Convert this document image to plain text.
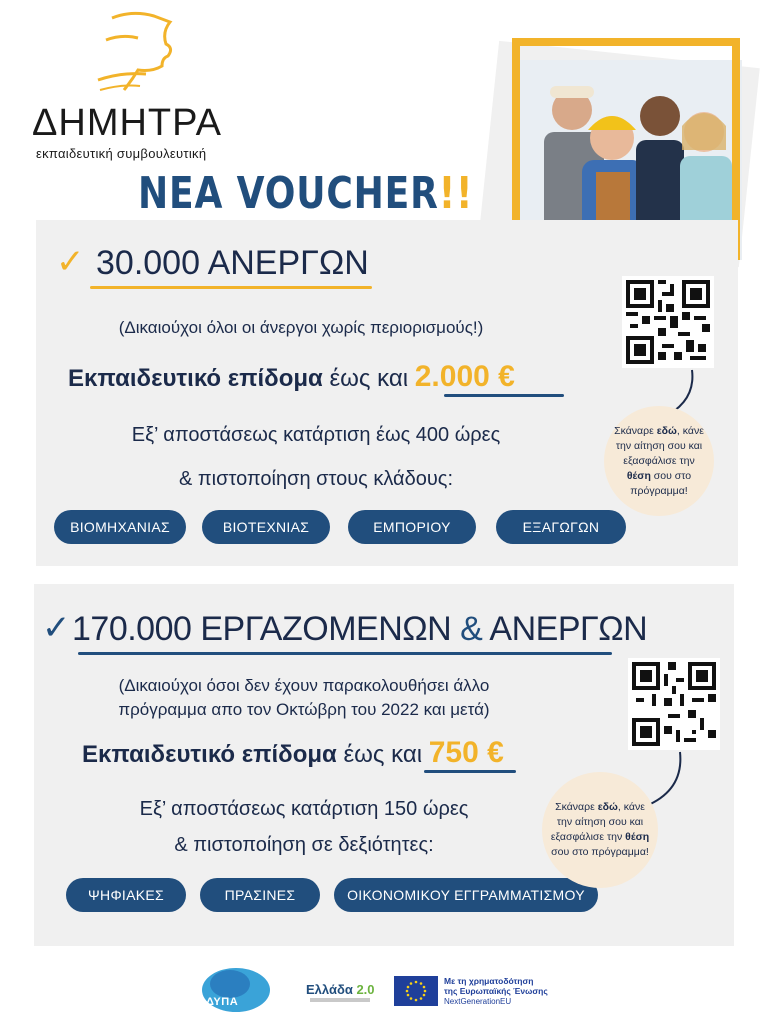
ΔΗΜΗΤΡΑ
εκπαιδευτική συμβουλευτική
NEA VOUCHER!!
✓ 30.000 ΑΝΕΡΓΩΝ
(Δικαιούχοι όλοι οι άνεργοι χωρίς περιορισμούς!)
Εκπαιδευτικό επίδομα έως και 2.000 €
Εξ’ αποστάσεως κατάρτιση έως 400 ώρες
& πιστοποίηση στους κλάδους:
ΒΙΟΜΗΧΑΝΙΑΣ	ΒΙΟΤΕΧΝΙΑΣ	ΕΜΠΟΡΙΟΥ	ΕΞΑΓΩΓΩΝ
Σκάναρε εδώ, κάνε την αίτηση σου και εξασφάλισε την θέση σου στο πρόγραμμα!
✓ 170.000 ΕΡΓΑΖΟΜΕΝΩΝ & ΑΝΕΡΓΩΝ
(Δικαιούχοι όσοι δεν έχουν παρακολουθήσει άλλο πρόγραμμα απο τον Οκτώβρη του 2022 και μετά)
Εκπαιδευτικό επίδομα έως και 750 €
Εξ’ αποστάσεως κατάρτιση 150 ώρες
& πιστοποίηση σε δεξιότητες:
ΨΗΦΙΑΚΕΣ	ΠΡΑΣΙΝΕΣ	ΟΙΚΟΝΟΜΙΚΟΥ ΕΓΓΡΑΜΜΑΤΙΣΜΟΥ
Σκάναρε εδώ, κάνε την αίτηση σου και εξασφάλισε την θέση σου στο πρόγραμμα!
ΔΥΠΑ
Ελλάδα 2.0
Με τη χρηματοδότηση
της Ευρωπαϊκής Ένωσης
NextGenerationEU
